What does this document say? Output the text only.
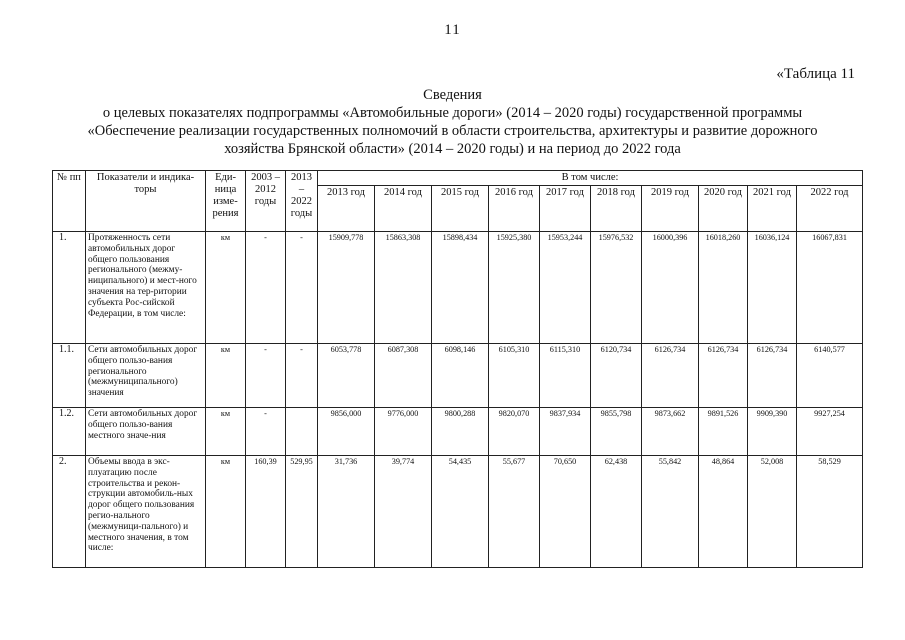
11
«Таблица 11
Сведения
о целевых показателях подпрограммы «Автомобильные дороги» (2014 – 2020 годы) государственной программы
«Обеспечение реализации государственных полномочий в области строительства, архитектуры и развитие дорожного
хозяйства Брянской области» (2014 – 2020 годы) и на период до 2022 года
№ пп	Показатели и индика-торы	Еди-ница изме-рения	2003 – 2012 годы	2013 – 2022 годы	В том числе:									
					2013 год	2014 год	2015 год	2016 год	2017 год	2018 год	2019 год	2020 год	2021 год	2022 год
1.	Протяженность сети автомобильных дорог общего пользования регионального (межму-ниципального) и мест-ного значения на тер-ритории субъекта Рос-сийской Федерации, в том числе:	км	-	-	15909,778	15863,308	15898,434	15925,380	15953,244	15976,532	16000,396	16018,260	16036,124	16067,831
1.1.	Сети автомобильных дорог общего пользо-вания регионального (межмуниципального) значения	км	-	-	6053,778	6087,308	6098,146	6105,310	6115,310	6120,734	6126,734	6126,734	6126,734	6140,577
1.2.	Сети автомобильных дорог общего пользо-вания местного значе-ния	км	-		9856,000	9776,000	9800,288	9820,070	9837,934	9855,798	9873,662	9891,526	9909,390	9927,254
2.	Объемы ввода в экс-плуатацию после строительства и рекон-струкции автомобиль-ных дорог общего пользования регио-нального (межмуници-пального) и местного значения, в том числе:	км	160,39	529,95	31,736	39,774	54,435	55,677	70,650	62,438	55,842	48,864	52,008	58,529
